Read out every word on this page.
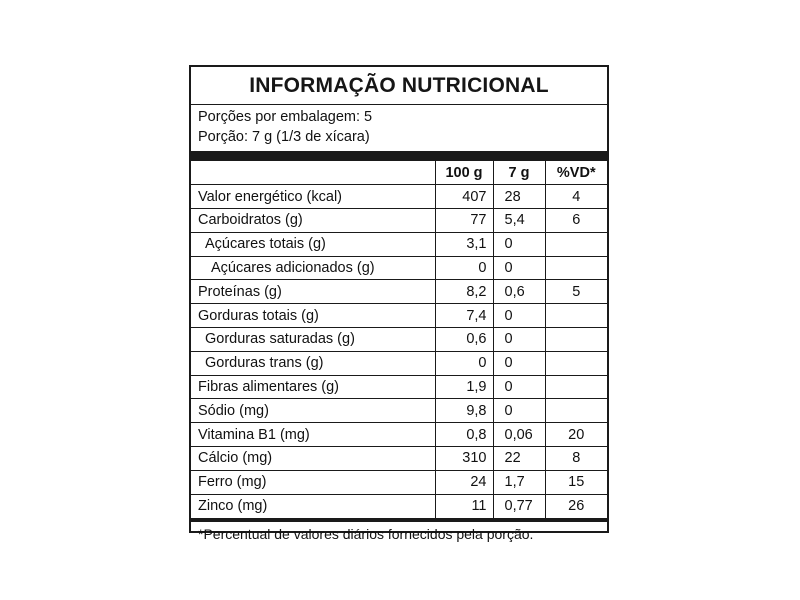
INFORMAÇÃO NUTRICIONAL
Porções por embalagem: 5
Porção: 7 g (1/3 de xícara)
	100 g	7 g	%VD*
Valor energético (kcal)	407	28	4
Carboidratos (g)	77	5,4	6
Açúcares totais (g)	3,1	0	
Açúcares adicionados (g)	0	0	
Proteínas (g)	8,2	0,6	5
Gorduras totais (g)	7,4	0	
Gorduras saturadas (g)	0,6	0	
Gorduras trans (g)	0	0	
Fibras alimentares (g)	1,9	0	
Sódio (mg)	9,8	0	
Vitamina B1 (mg)	0,8	0,06	20
Cálcio (mg)	310	22	8
Ferro (mg)	24	1,7	15
Zinco (mg)	11	0,77	26
*Percentual de valores diários fornecidos pela porção.
